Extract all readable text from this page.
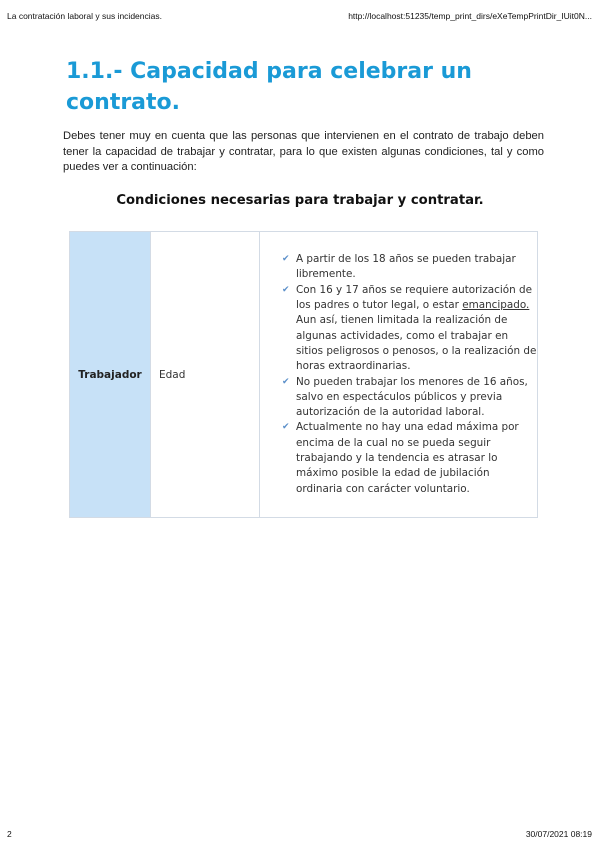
La contratación laboral y sus incidencias.	http://localhost:51235/temp_print_dirs/eXeTempPrintDir_IUit0N...
1.1.- Capacidad para celebrar un contrato.

Debes tener muy en cuenta que las personas que intervienen en el contrato de trabajo deben tener la capacidad de trabajar y contratar, para lo que existen algunas condiciones, tal y como puedes ver a continuación:

Condiciones necesarias para trabajar y contratar.
Trabajador	Edad	
✔ A partir de los 18 años se pueden trabajar libremente.
✔ Con 16 y 17 años se requiere autorización de los padres o tutor legal, o estar emancipado. Aun así, tienen limitada la realización de algunas actividades, como el trabajar en sitios peligrosos o penosos, o la realización de horas extraordinarias.
✔ No pueden trabajar los menores de 16 años, salvo en espectáculos públicos y previa autorización de la autoridad laboral.
✔ Actualmente no hay una edad máxima por encima de la cual no se pueda seguir trabajando y la tendencia es atrasar lo máximo posible la edad de jubilación ordinaria con carácter voluntario.
2	30/07/2021 08:19
